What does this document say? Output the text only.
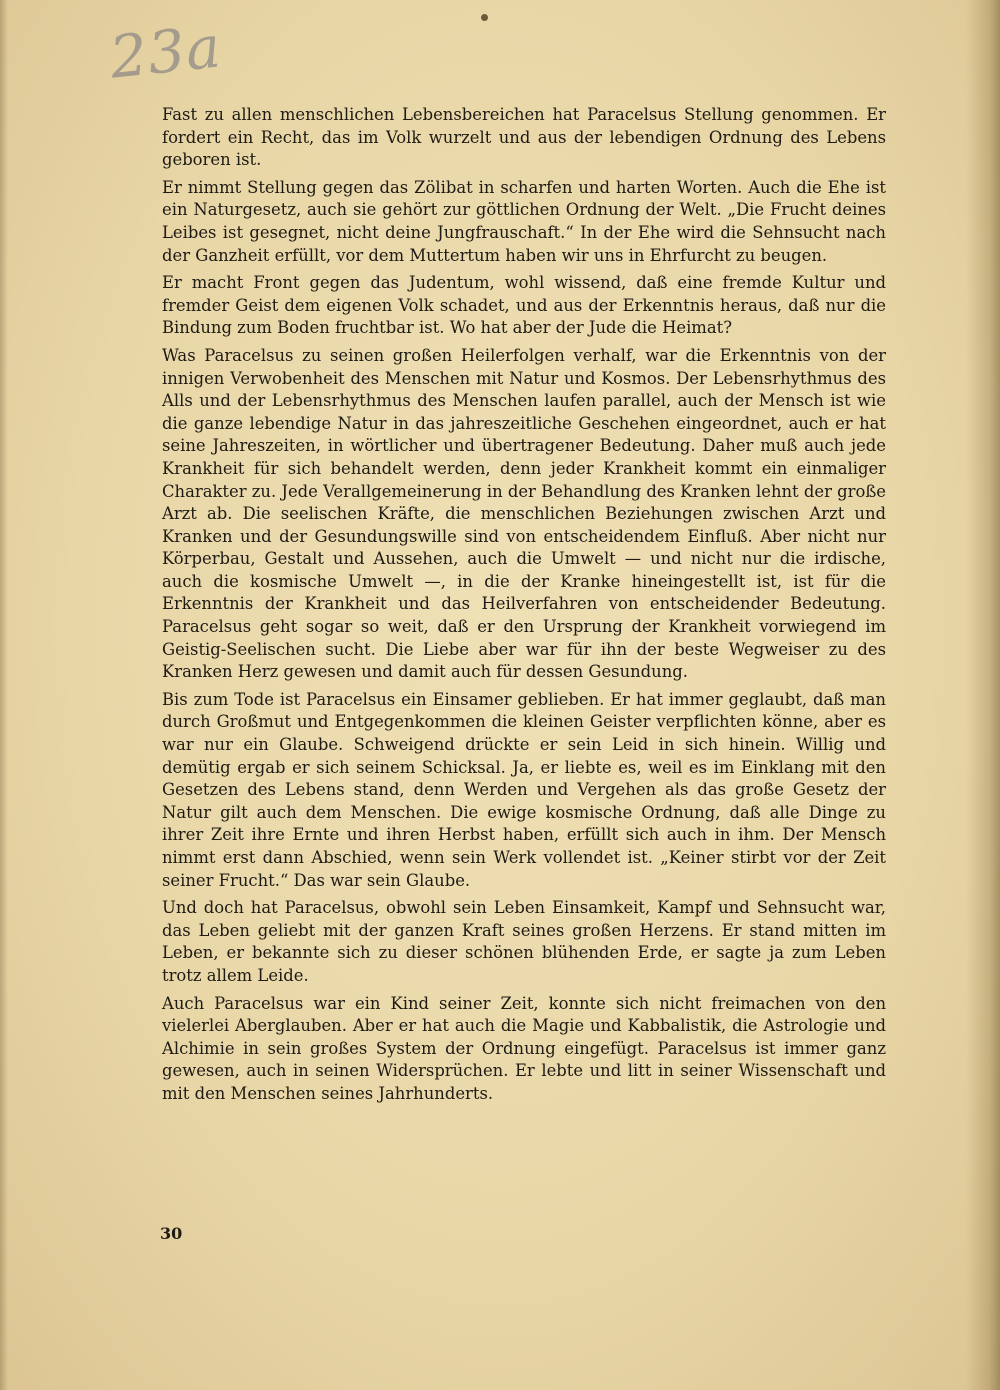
23a

Fast zu allen menschlichen Lebensbereichen hat Paracelsus Stellung genommen. Er fordert ein Recht, das im Volk wurzelt und aus der lebendigen Ordnung des Lebens geboren ist.

Er nimmt Stellung gegen das Zölibat in scharfen und harten Worten. Auch die Ehe ist ein Naturgesetz, auch sie gehört zur göttlichen Ordnung der Welt. „Die Frucht deines Leibes ist gesegnet, nicht deine Jungfrauschaft.“ In der Ehe wird die Sehnsucht nach der Ganzheit erfüllt, vor dem Muttertum haben wir uns in Ehrfurcht zu beugen.

Er macht Front gegen das Judentum, wohl wissend, daß eine fremde Kultur und fremder Geist dem eigenen Volk schadet, und aus der Erkenntnis heraus, daß nur die Bindung zum Boden fruchtbar ist. Wo hat aber der Jude die Heimat?

Was Paracelsus zu seinen großen Heilerfolgen verhalf, war die Erkenntnis von der innigen Verwobenheit des Menschen mit Natur und Kosmos. Der Lebensrhythmus des Alls und der Lebensrhythmus des Menschen laufen parallel, auch der Mensch ist wie die ganze lebendige Natur in das jahreszeitliche Geschehen eingeordnet, auch er hat seine Jahreszeiten, in wörtlicher und übertragener Bedeutung. Daher muß auch jede Krankheit für sich behandelt werden, denn jeder Krankheit kommt ein einmaliger Charakter zu. Jede Verallgemeinerung in der Behandlung des Kranken lehnt der große Arzt ab. Die seelischen Kräfte, die menschlichen Beziehungen zwischen Arzt und Kranken und der Gesundungswille sind von entscheidendem Einfluß. Aber nicht nur Körperbau, Gestalt und Aussehen, auch die Umwelt — und nicht nur die irdische, auch die kosmische Umwelt —, in die der Kranke hineingestellt ist, ist für die Erkenntnis der Krankheit und das Heilverfahren von entscheidender Bedeutung. Paracelsus geht sogar so weit, daß er den Ursprung der Krankheit vorwiegend im Geistig-Seelischen sucht. Die Liebe aber war für ihn der beste Wegweiser zu des Kranken Herz gewesen und damit auch für dessen Gesundung.

Bis zum Tode ist Paracelsus ein Einsamer geblieben. Er hat immer geglaubt, daß man durch Großmut und Entgegenkommen die kleinen Geister verpflichten könne, aber es war nur ein Glaube. Schweigend drückte er sein Leid in sich hinein. Willig und demütig ergab er sich seinem Schicksal. Ja, er liebte es, weil es im Einklang mit den Gesetzen des Lebens stand, denn Werden und Vergehen als das große Gesetz der Natur gilt auch dem Menschen. Die ewige kosmische Ordnung, daß alle Dinge zu ihrer Zeit ihre Ernte und ihren Herbst haben, erfüllt sich auch in ihm. Der Mensch nimmt erst dann Abschied, wenn sein Werk vollendet ist. „Keiner stirbt vor der Zeit seiner Frucht.“ Das war sein Glaube.

Und doch hat Paracelsus, obwohl sein Leben Einsamkeit, Kampf und Sehnsucht war, das Leben geliebt mit der ganzen Kraft seines großen Herzens. Er stand mitten im Leben, er bekannte sich zu dieser schönen blühenden Erde, er sagte ja zum Leben trotz allem Leide.

Auch Paracelsus war ein Kind seiner Zeit, konnte sich nicht freimachen von den vielerlei Aberglauben. Aber er hat auch die Magie und Kabbalistik, die Astrologie und Alchimie in sein großes System der Ordnung eingefügt. Paracelsus ist immer ganz gewesen, auch in seinen Widersprüchen. Er lebte und litt in seiner Wissenschaft und mit den Menschen seines Jahrhunderts.

30
